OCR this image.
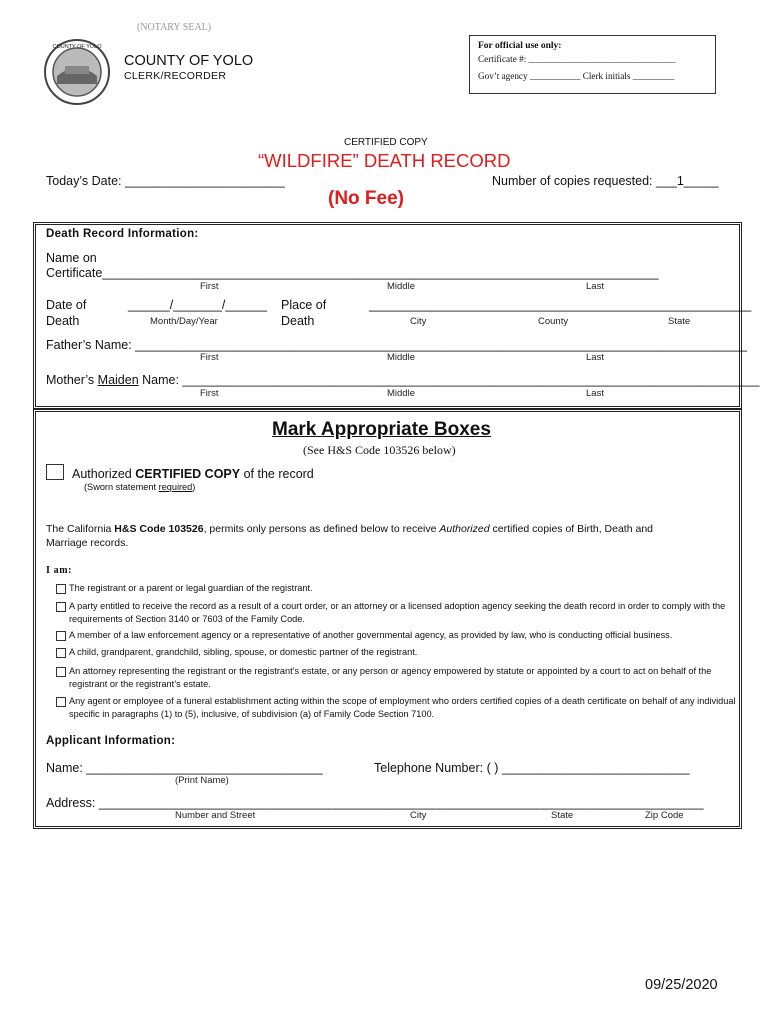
(NOTARY SEAL)
COUNTY OF YOLO
COUNTY OF YOLO
CLERK/RECORDER
For official use only:
Certificate #: ________________________________
Gov’t agency ___________ Clerk initials _________
CERTIFIED COPY
“WILDFIRE” DEATH RECORD
Today’s Date: _______________________	Number of copies requested: ___1_____
(No Fee)
Death Record Information:
Name on
Certificate________________________________________________________________________________
First	Middle	Last
Date of
Death
______/_______/______
Month/Day/Year
Place of
Death
_______________________________________________________
City	County	State
Father’s Name: ________________________________________________________________________________________
First	Middle	Last
Mother’s Maiden Name: ___________________________________________________________________________________
First	Middle	Last
Mark Appropriate Boxes
(See H&S Code 103526 below)
Authorized CERTIFIED COPY of the record
(Sworn statement required)
The California H&S Code 103526, permits only persons as defined below to receive Authorized certified copies of Birth, Death and
Marriage records.
I am:
The registrant or a parent or legal guardian of the registrant.
A party entitled to receive the record as a result of a court order, or an attorney or a licensed adoption agency seeking the death record in order to comply with the requirements of Section 3140 or 7603 of the Family Code.
A member of a law enforcement agency or a representative of another governmental agency, as provided by law, who is conducting official business.
A child, grandparent, grandchild, sibling, spouse, or domestic partner of the registrant.
An attorney representing the registrant or the registrant’s estate, or any person or agency empowered by statute or appointed by a court to act on behalf of the registrant or the registrant’s estate.
Any agent or employee of a funeral establishment acting within the scope of employment who orders certified copies of a death certificate on behalf of any individual specific in paragraphs (1) to (5), inclusive, of subdivision (a) of Family Code Section 7100.
Applicant Information:
Name: __________________________________
(Print Name)
Telephone Number: ( ) ___________________________
Address: _______________________________________________________________________________________
Number and Street	City	State	Zip Code
09/25/2020
